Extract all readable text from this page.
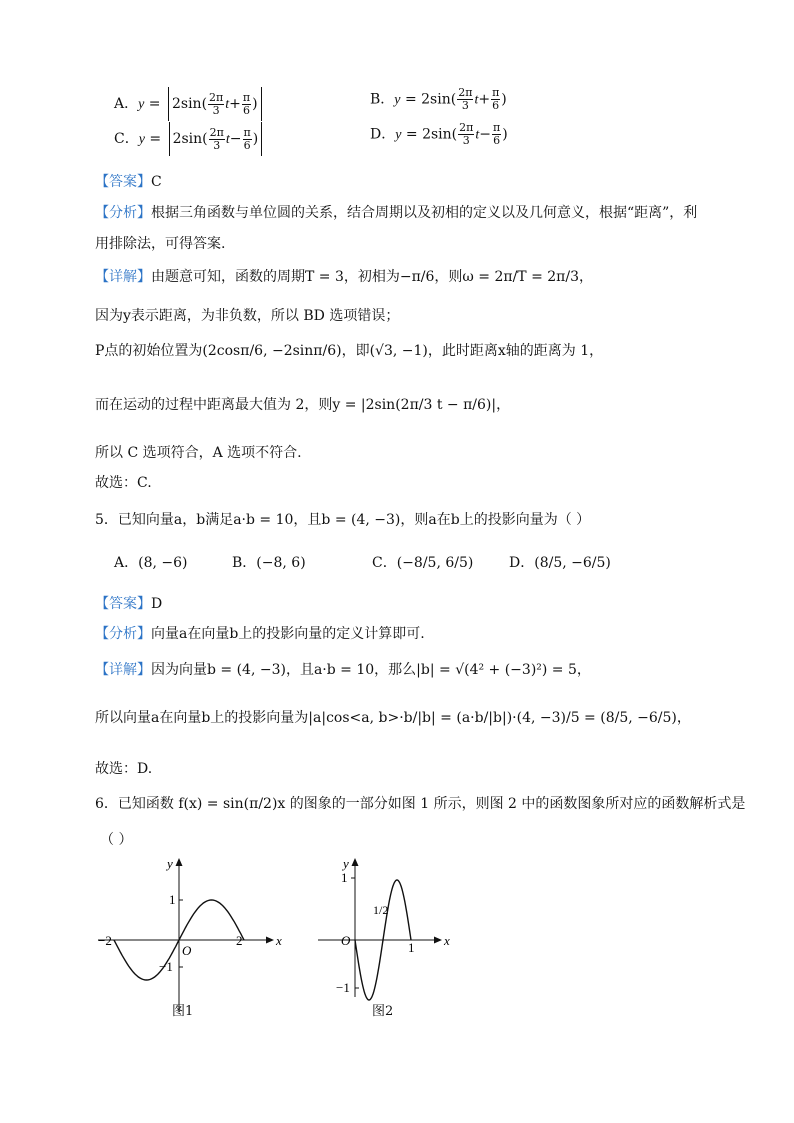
A．$y = 2\sin( \frac{2\pi}{3} t+ \frac{\pi}{6}$ )	B．$y = 2\sin( \frac{2\pi}{3} t+ \frac{\pi}{6}$ )
C．$y = 2\sin( \frac{2\pi}{3} t- \frac{\pi}{6}$ )	D．$y = 2\sin( \frac{2\pi}{3} t- \frac{\pi}{6}$ )
【答案】C
【分析】根据三角函数与单位圆的关系，结合周期以及初相的定义以及几何意义，根据“距离”，利
用排除法，可得答案.
【详解】由题意可知，函数的周期T = 3，初相为−π/6，则ω = 2π/T = 2π/3，
因为y表示距离，为非负数，所以 BD 选项错误；
P点的初始位置为(2cosπ/6, −2sinπ/6)，即(√3, −1)，此时距离x轴的距离为 1，
而在运动的过程中距离最大值为 2，则y = |2sin(2π/3 t − π/6)|，
所以 C 选项符合，A 选项不符合.
故选：C.
5．已知向量a，b满足a·b = 10，且b = (4, −3)，则a在b上的投影向量为（ ）
A．(8, −6)	B．(−8, 6)	C．(−8/5, 6/5)	D．(8/5, −6/5)
【答案】D
【分析】向量a在向量b上的投影向量的定义计算即可.
【详解】因为向量b = (4, −3)，且a·b = 10，那么|b| = √(4² + (−3)²) = 5，
所以向量a在向量b上的投影向量为|a|cos<a, b>·b/|b| = (a·b/|b|)·(4, −3)/5 = (8/5, −6/5)，
故选：D.
6．已知函数 f(x) = sin(π/2)x 的图象的一部分如图 1 所示，则图 2 中的函数图象所对应的函数解析式是
（ ）
x
y
O
−2	2
1
−1
图1
x
y
O	1
1/2
1
−1
图2
